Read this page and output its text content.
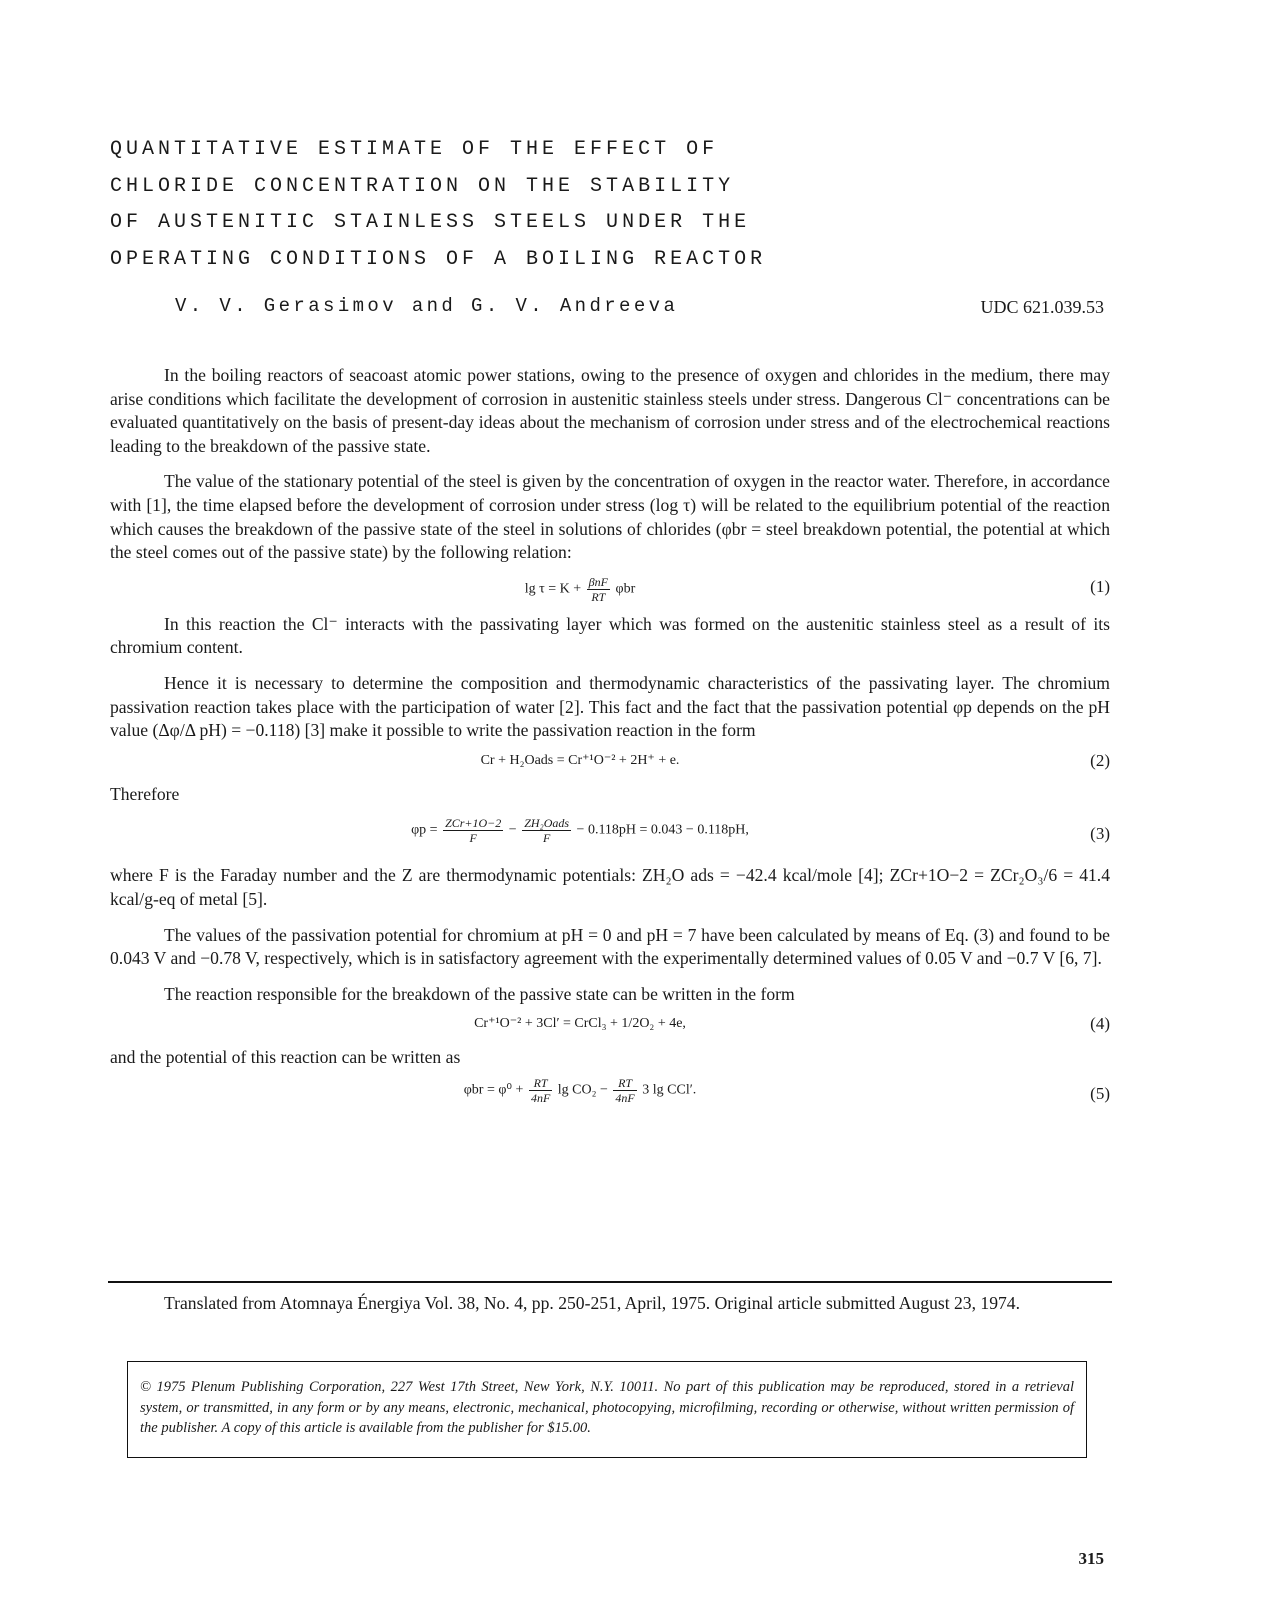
QUANTITATIVE ESTIMATE OF THE EFFECT OF
CHLORIDE CONCENTRATION ON THE STABILITY
OF AUSTENITIC STAINLESS STEELS UNDER THE
OPERATING CONDITIONS OF A BOILING REACTOR
V. V. Gerasimov and G. V. Andreeva	UDC 621.039.53

In the boiling reactors of seacoast atomic power stations, owing to the presence of oxygen and chlorides in the medium, there may arise conditions which facilitate the development of corrosion in austenitic stainless steels under stress. Dangerous Cl⁻ concentrations can be evaluated quantitatively on the basis of present-day ideas about the mechanism of corrosion under stress and of the electrochemical reactions leading to the breakdown of the passive state.

The value of the stationary potential of the steel is given by the concentration of oxygen in the reactor water. Therefore, in accordance with [1], the time elapsed before the development of corrosion under stress (log τ) will be related to the equilibrium potential of the reaction which causes the breakdown of the passive state of the steel in solutions of chlorides (φbr = steel breakdown potential, the potential at which the steel comes out of the passive state) by the following relation:

$\lg \tau = K + \frac{\text{βnF}}{RT}$ φbr	(1)

In this reaction the Cl⁻ interacts with the passivating layer which was formed on the austenitic stainless steel as a result of its chromium content.

Hence it is necessary to determine the composition and thermodynamic characteristics of the passivating layer. The chromium passivation reaction takes place with the participation of water [2]. This fact and the fact that the passivation potential φp depends on the pH value (Δφ/Δ pH) = −0.118) [3] make it possible to write the passivation reaction in the form

Cr + H₂Oads = Cr⁺¹O⁻² + 2H⁺ + e.	(2)

Therefore

$\varphi p = \frac{\text{ZCr+1O−2}}{F} - \frac{\text{ZH₂Oads}}{F} - 0.118pH = 0.043 - 0.118pH$,	(3)

where F is the Faraday number and the Z are thermodynamic potentials: ZH₂O ads = −42.4 kcal/mole [4]; ZCr+1O−2 = ZCr₂O₃/6 = 41.4 kcal/g-eq of metal [5].

The values of the passivation potential for chromium at pH = 0 and pH = 7 have been calculated by means of Eq. (3) and found to be 0.043 V and −0.78 V, respectively, which is in satisfactory agreement with the experimentally determined values of 0.05 V and −0.7 V [6, 7].

The reaction responsible for the breakdown of the passive state can be written in the form

Cr⁺¹O⁻² + 3Cl′ = CrCl₃ + 1/2O₂ + 4e,	(4)

and the potential of this reaction can be written as

$\varphi br = \varphi^0 + \frac{RT}{4nF}$ $\lg CO_2 - \frac{RT}{4nF} 3$ lg CCl′.	(5)
Translated from Atomnaya Énergiya Vol. 38, No. 4, pp. 250-251, April, 1975. Original article submitted August 23, 1974.
© 1975 Plenum Publishing Corporation, 227 West 17th Street, New York, N.Y. 10011. No part of this publication may be reproduced, stored in a retrieval system, or transmitted, in any form or by any means, electronic, mechanical, photocopying, microfilming, recording or otherwise, without written permission of the publisher. A copy of this article is available from the publisher for $15.00.
315
